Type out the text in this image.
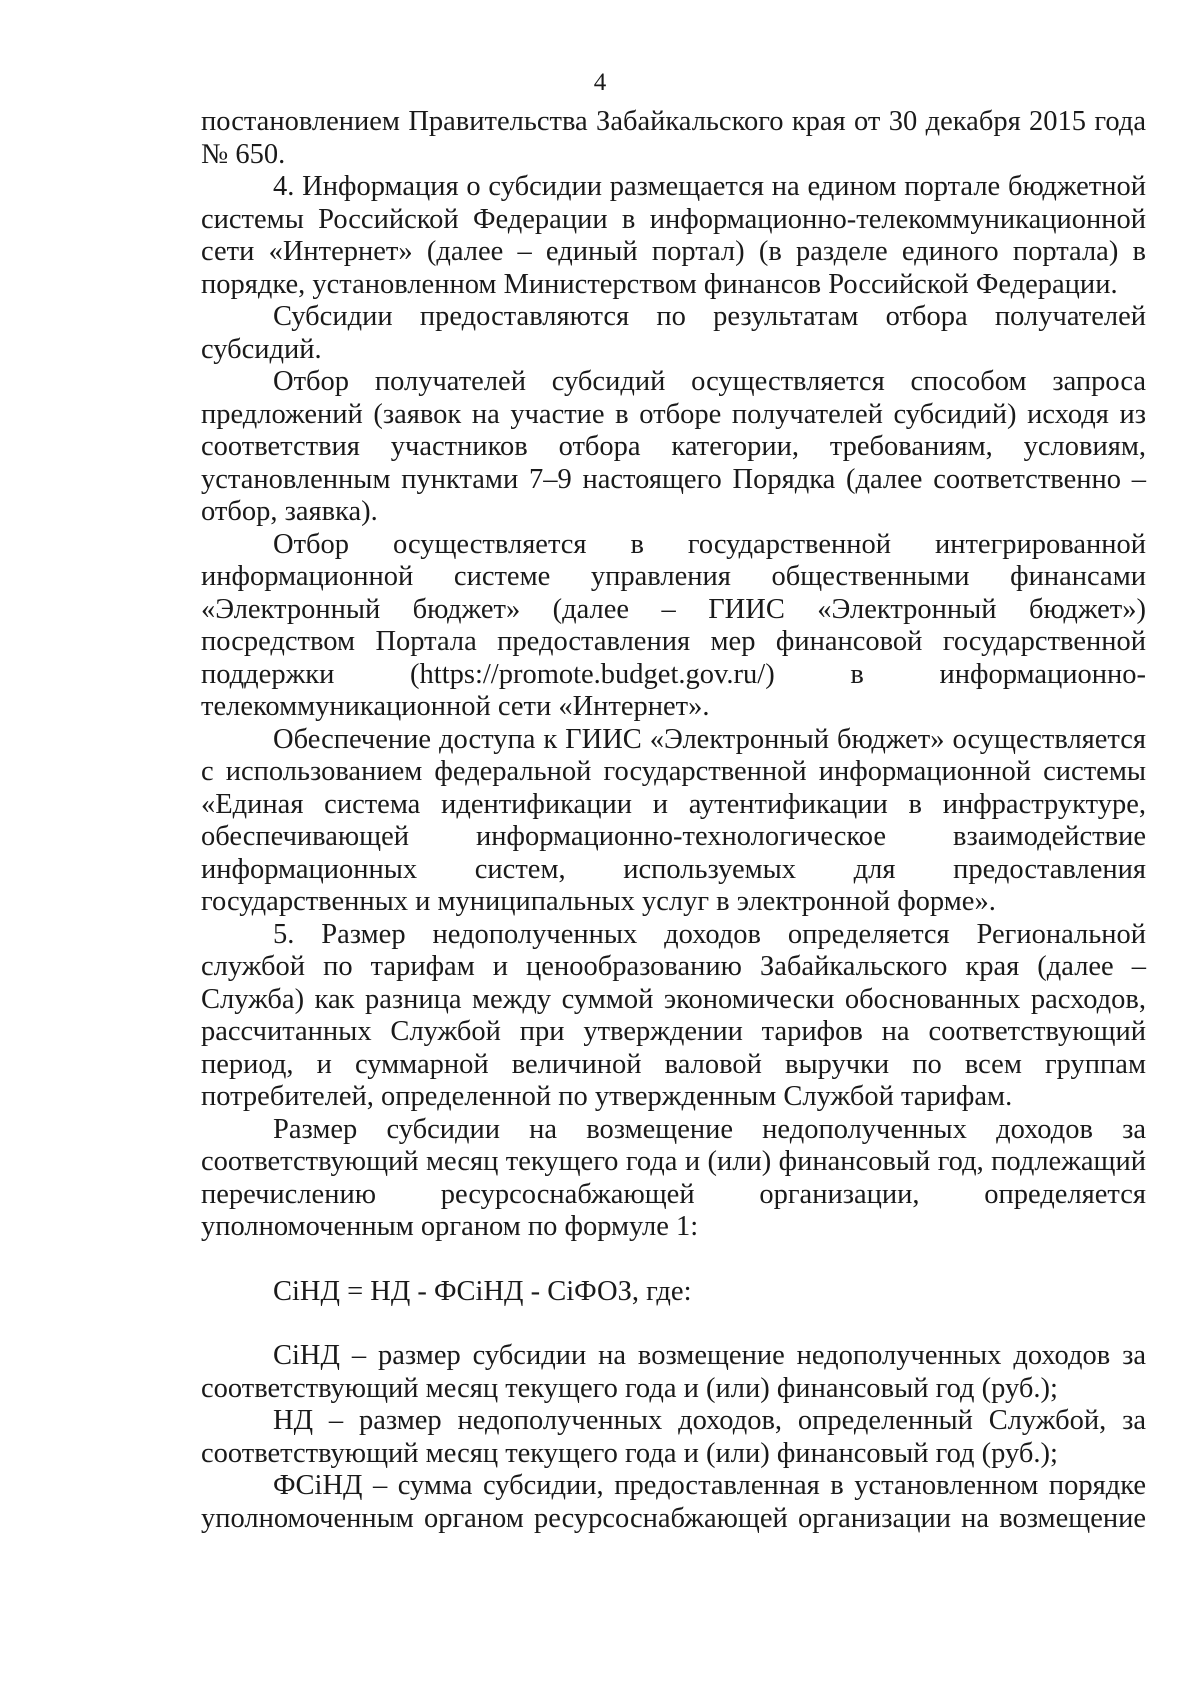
4

постановлением Правительства Забайкальского края от 30 декабря 2015 года № 650.

4. Информация о субсидии размещается на едином портале бюджетной системы Российской Федерации в информационно-телекоммуникационной сети «Интернет» (далее – единый портал) (в разделе единого портала) в порядке, установленном Министерством финансов Российской Федерации.

Субсидии предоставляются по результатам отбора получателей субсидий.

Отбор получателей субсидий осуществляется способом запроса предложений (заявок на участие в отборе получателей субсидий) исходя из соответствия участников отбора категории, требованиям, условиям, установленным пунктами 7–9 настоящего Порядка (далее соответственно – отбор, заявка).

Отбор осуществляется в государственной интегрированной информационной системе управления общественными финансами «Электронный бюджет» (далее – ГИИС «Электронный бюджет») посредством Портала предоставления мер финансовой государственной поддержки (https://promote.budget.gov.ru/) в информационно-телекоммуникационной сети «Интернет».

Обеспечение доступа к ГИИС «Электронный бюджет» осуществляется с использованием федеральной государственной информационной системы «Единая система идентификации и аутентификации в инфраструктуре, обеспечивающей информационно-технологическое взаимодействие информационных систем, используемых для предоставления государственных и муниципальных услуг в электронной форме».

5. Размер недополученных доходов определяется Региональной службой по тарифам и ценообразованию Забайкальского края (далее – Служба) как разница между суммой экономически обоснованных расходов, рассчитанных Службой при утверждении тарифов на соответствующий период, и суммарной величиной валовой выручки по всем группам потребителей, определенной по утвержденным Службой тарифам.

Размер субсидии на возмещение недополученных доходов за соответствующий месяц текущего года и (или) финансовый год, подлежащий перечислению ресурсоснабжающей организации, определяется уполномоченным органом по формуле 1:

СiНД = НД - ФСiНД - СiФОЗ, где:

СiНД – размер субсидии на возмещение недополученных доходов за соответствующий месяц текущего года и (или) финансовый год (руб.);

НД – размер недополученных доходов, определенный Службой, за соответствующий месяц текущего года и (или) финансовый год (руб.);

ФСiНД – сумма субсидии, предоставленная в установленном порядке уполномоченным органом ресурсоснабжающей организации на возмещение
